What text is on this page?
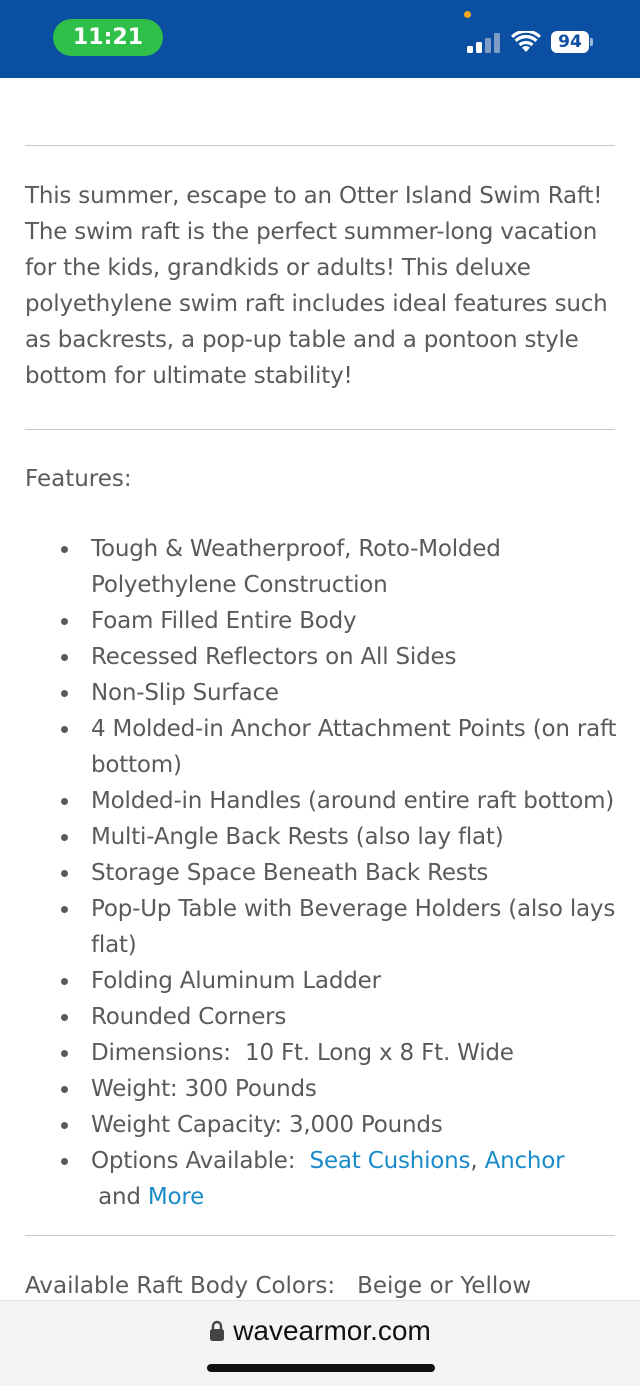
11:21	94

This summer, escape to an Otter Island Swim Raft! The swim raft is the perfect summer-long vacation for the kids, grandkids or adults! This deluxe polyethylene swim raft includes ideal features such as backrests, a pop-up table and a pontoon style bottom for ultimate stability!

Features:
Tough & Weatherproof, Roto-Molded Polyethylene Construction
Foam Filled Entire Body
Recessed Reflectors on All Sides
Non-Slip Surface
4 Molded-in Anchor Attachment Points (on raft bottom)
Molded-in Handles (around entire raft bottom)
Multi-Angle Back Rests (also lay flat)
Storage Space Beneath Back Rests
Pop-Up Table with Beverage Holders (also lays flat)
Folding Aluminum Ladder
Rounded Corners
Dimensions:  10 Ft. Long x 8 Ft. Wide
Weight: 300 Pounds
Weight Capacity: 3,000 Pounds
Options Available:  Seat Cushions, Anchor and More
Available Raft Body Colors:   Beige or Yellow
wavearmor.com
